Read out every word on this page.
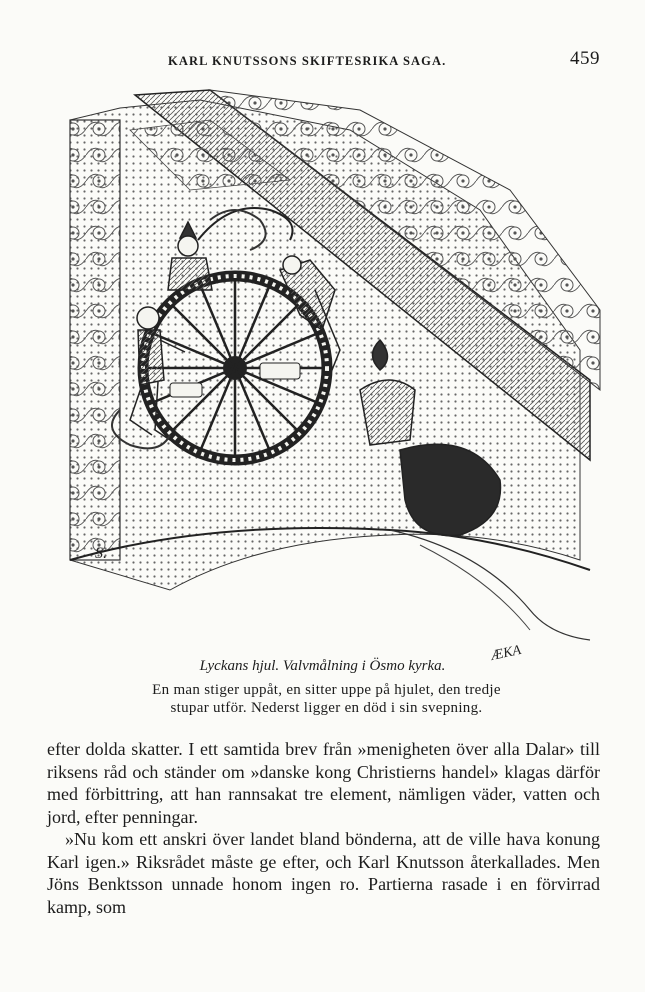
KARL KNUTSSONS SKIFTESRIKA SAGA.	459
S.
ÆKA
Lyckans hjul. Valvmålning i Ösmo kyrka.
En man stiger uppåt, en sitter uppe på hjulet, den tredje
stupar utför. Nederst ligger en död i sin svepning.

efter dolda skatter. I ett samtida brev från »menigheten över alla Dalar» till riksens råd och ständer om »danske kong Christierns handel» klagas därför med förbittring, att han rannsakat tre element, nämligen väder, vatten och jord, efter penningar.

»Nu kom ett anskri över landet bland bönderna, att de ville hava konung Karl igen.» Riksrådet måste ge efter, och Karl Knutsson återkallades. Men Jöns Benktsson unnade honom ingen ro. Partierna rasade i en förvirrad kamp, som
